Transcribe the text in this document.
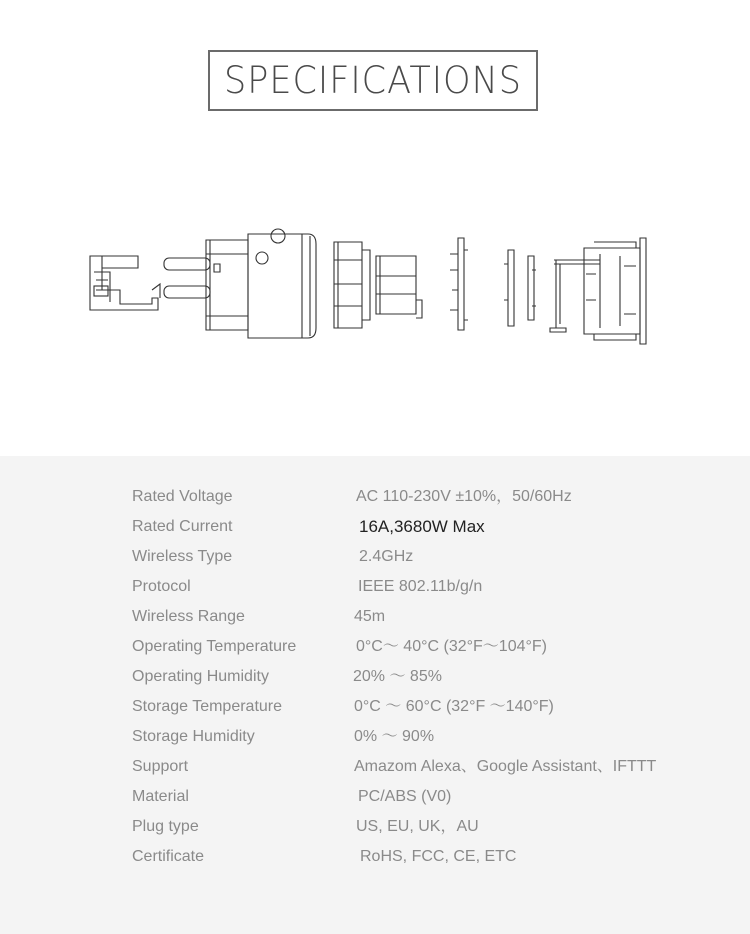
SPECIFICATIONS
Rated Voltage	AC 110-230V ±10%，50/60Hz
Rated Current	16A,3680W Max
Wireless Type	2.4GHz
Protocol	IEEE 802.11b/g/n
Wireless Range	45m
Operating Temperature	0°C～ 40°C (32°F～104°F)
Operating Humidity	20% ～ 85%
Storage Temperature	0°C ～ 60°C (32°F ～140°F)
Storage Humidity	0% ～ 90%
Support	Amazom Alexa、Google Assistant、IFTTT
Material	PC/ABS (V0)
Plug type	US, EU, UK，AU
Certificate	RoHS, FCC, CE, ETC
